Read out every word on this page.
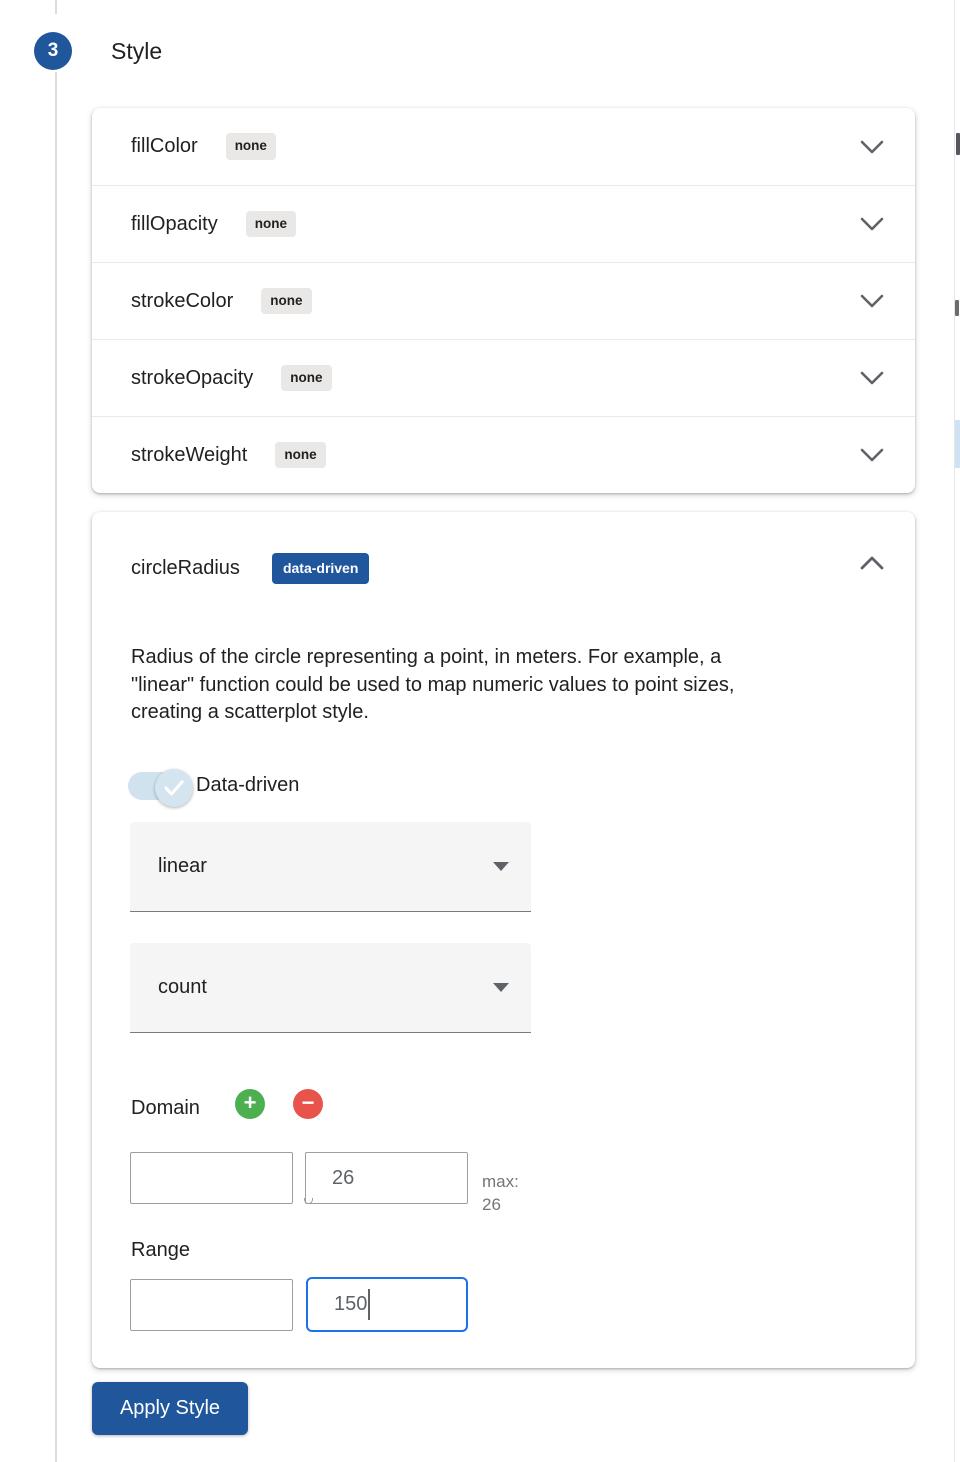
3	Style
fillColor	none
fillOpacity	none
strokeColor	none
strokeOpacity	none
strokeWeight	none
circleRadius	data-driven
Radius of the circle representing a point, in meters. For example, a
"linear" function could be used to map numeric values to point sizes,
creating a scatterplot style.
Data-driven
linear
count
Domain + −
26
max:
26
Range
150
Apply Style
